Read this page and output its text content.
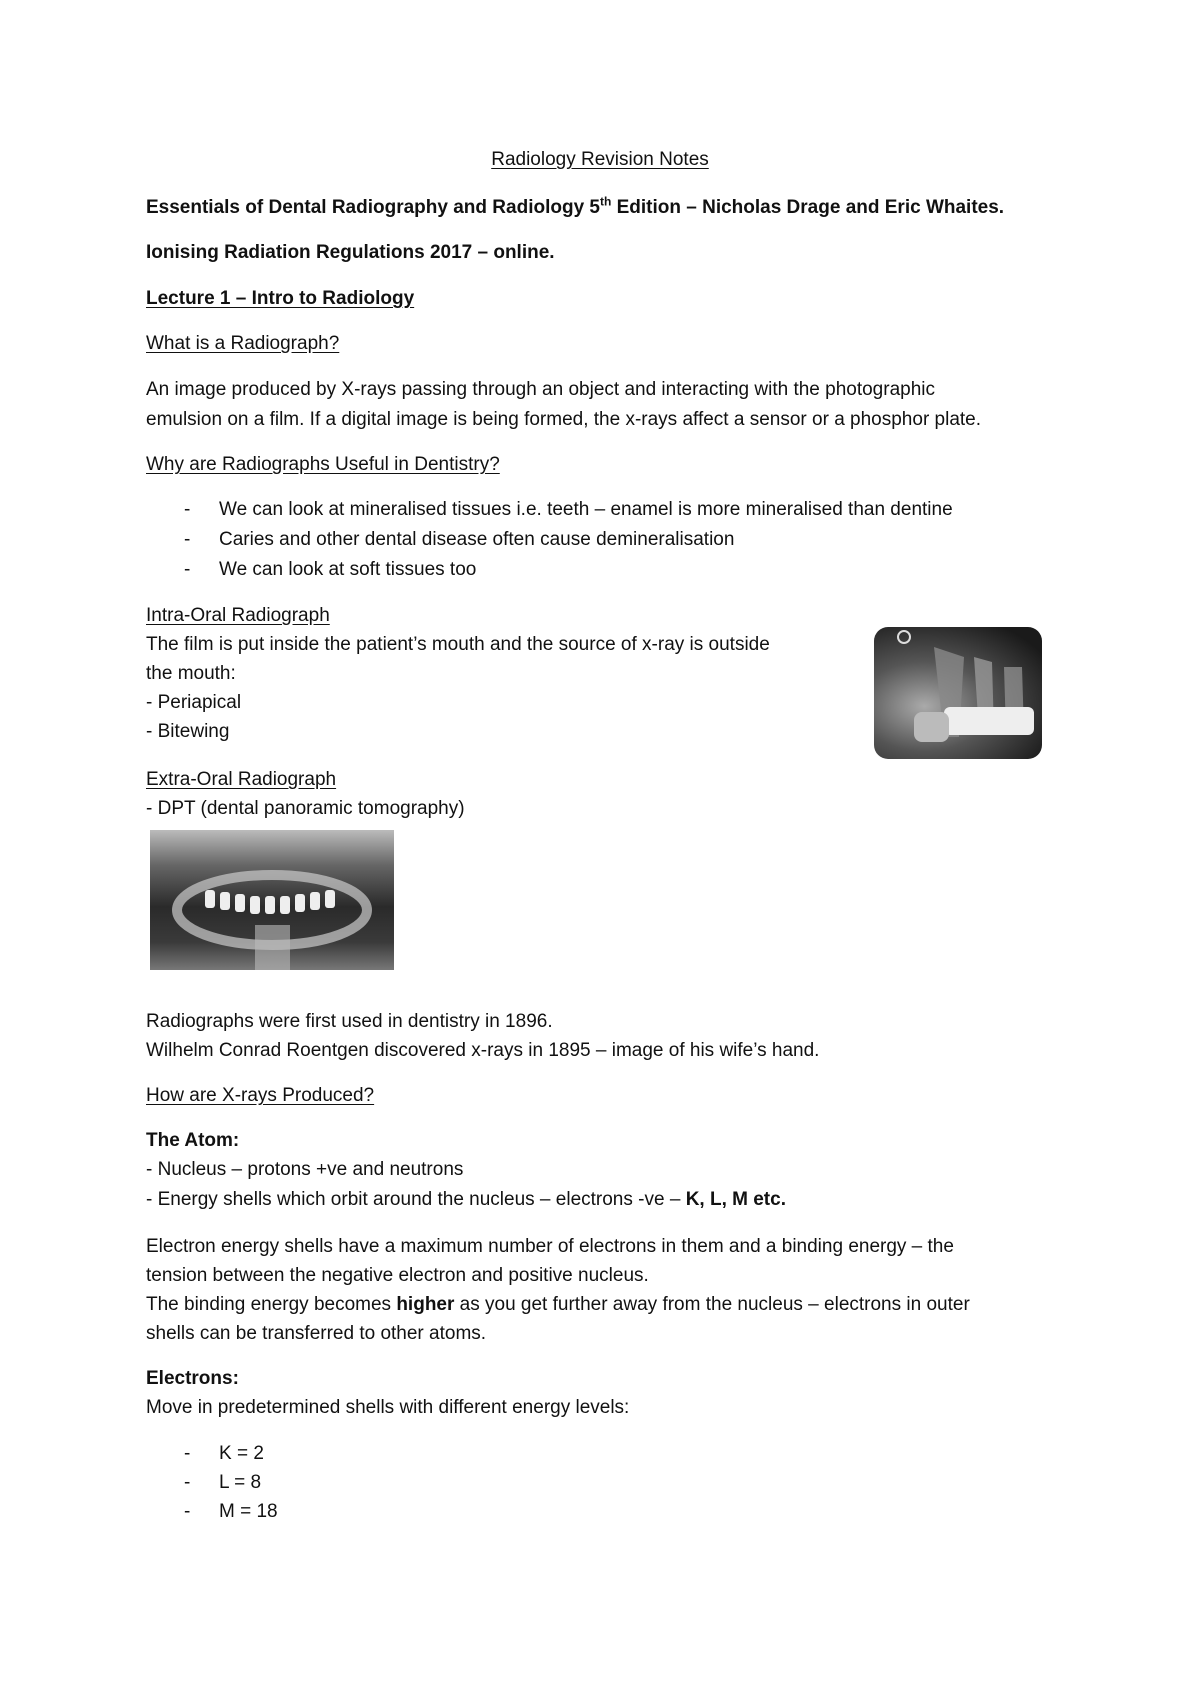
Radiology Revision Notes
Essentials of Dental Radiography and Radiology 5th Edition – Nicholas Drage and Eric Whaites.
Ionising Radiation Regulations 2017 – online.
Lecture 1 – Intro to Radiology
What is a Radiograph?
An image produced by X-rays passing through an object and interacting with the photographic
emulsion on a film. If a digital image is being formed, the x-rays affect a sensor or a phosphor plate.
Why are Radiographs Useful in Dentistry?
- We can look at mineralised tissues i.e. teeth – enamel is more mineralised than dentine
- Caries and other dental disease often cause demineralisation
- We can look at soft tissues too
Intra-Oral Radiograph
The film is put inside the patient’s mouth and the source of x-ray is outside
the mouth:
- Periapical
- Bitewing
Extra-Oral Radiograph
- DPT (dental panoramic tomography)
Radiographs were first used in dentistry in 1896.
Wilhelm Conrad Roentgen discovered x-rays in 1895 – image of his wife’s hand.
How are X-rays Produced?
The Atom:
- Nucleus – protons +ve and neutrons
- Energy shells which orbit around the nucleus – electrons -ve – K, L, M etc.
Electron energy shells have a maximum number of electrons in them and a binding energy – the
tension between the negative electron and positive nucleus.
The binding energy becomes higher as you get further away from the nucleus – electrons in outer
shells can be transferred to other atoms.
Electrons:
Move in predetermined shells with different energy levels:
- K = 2
- L = 8
- M = 18
